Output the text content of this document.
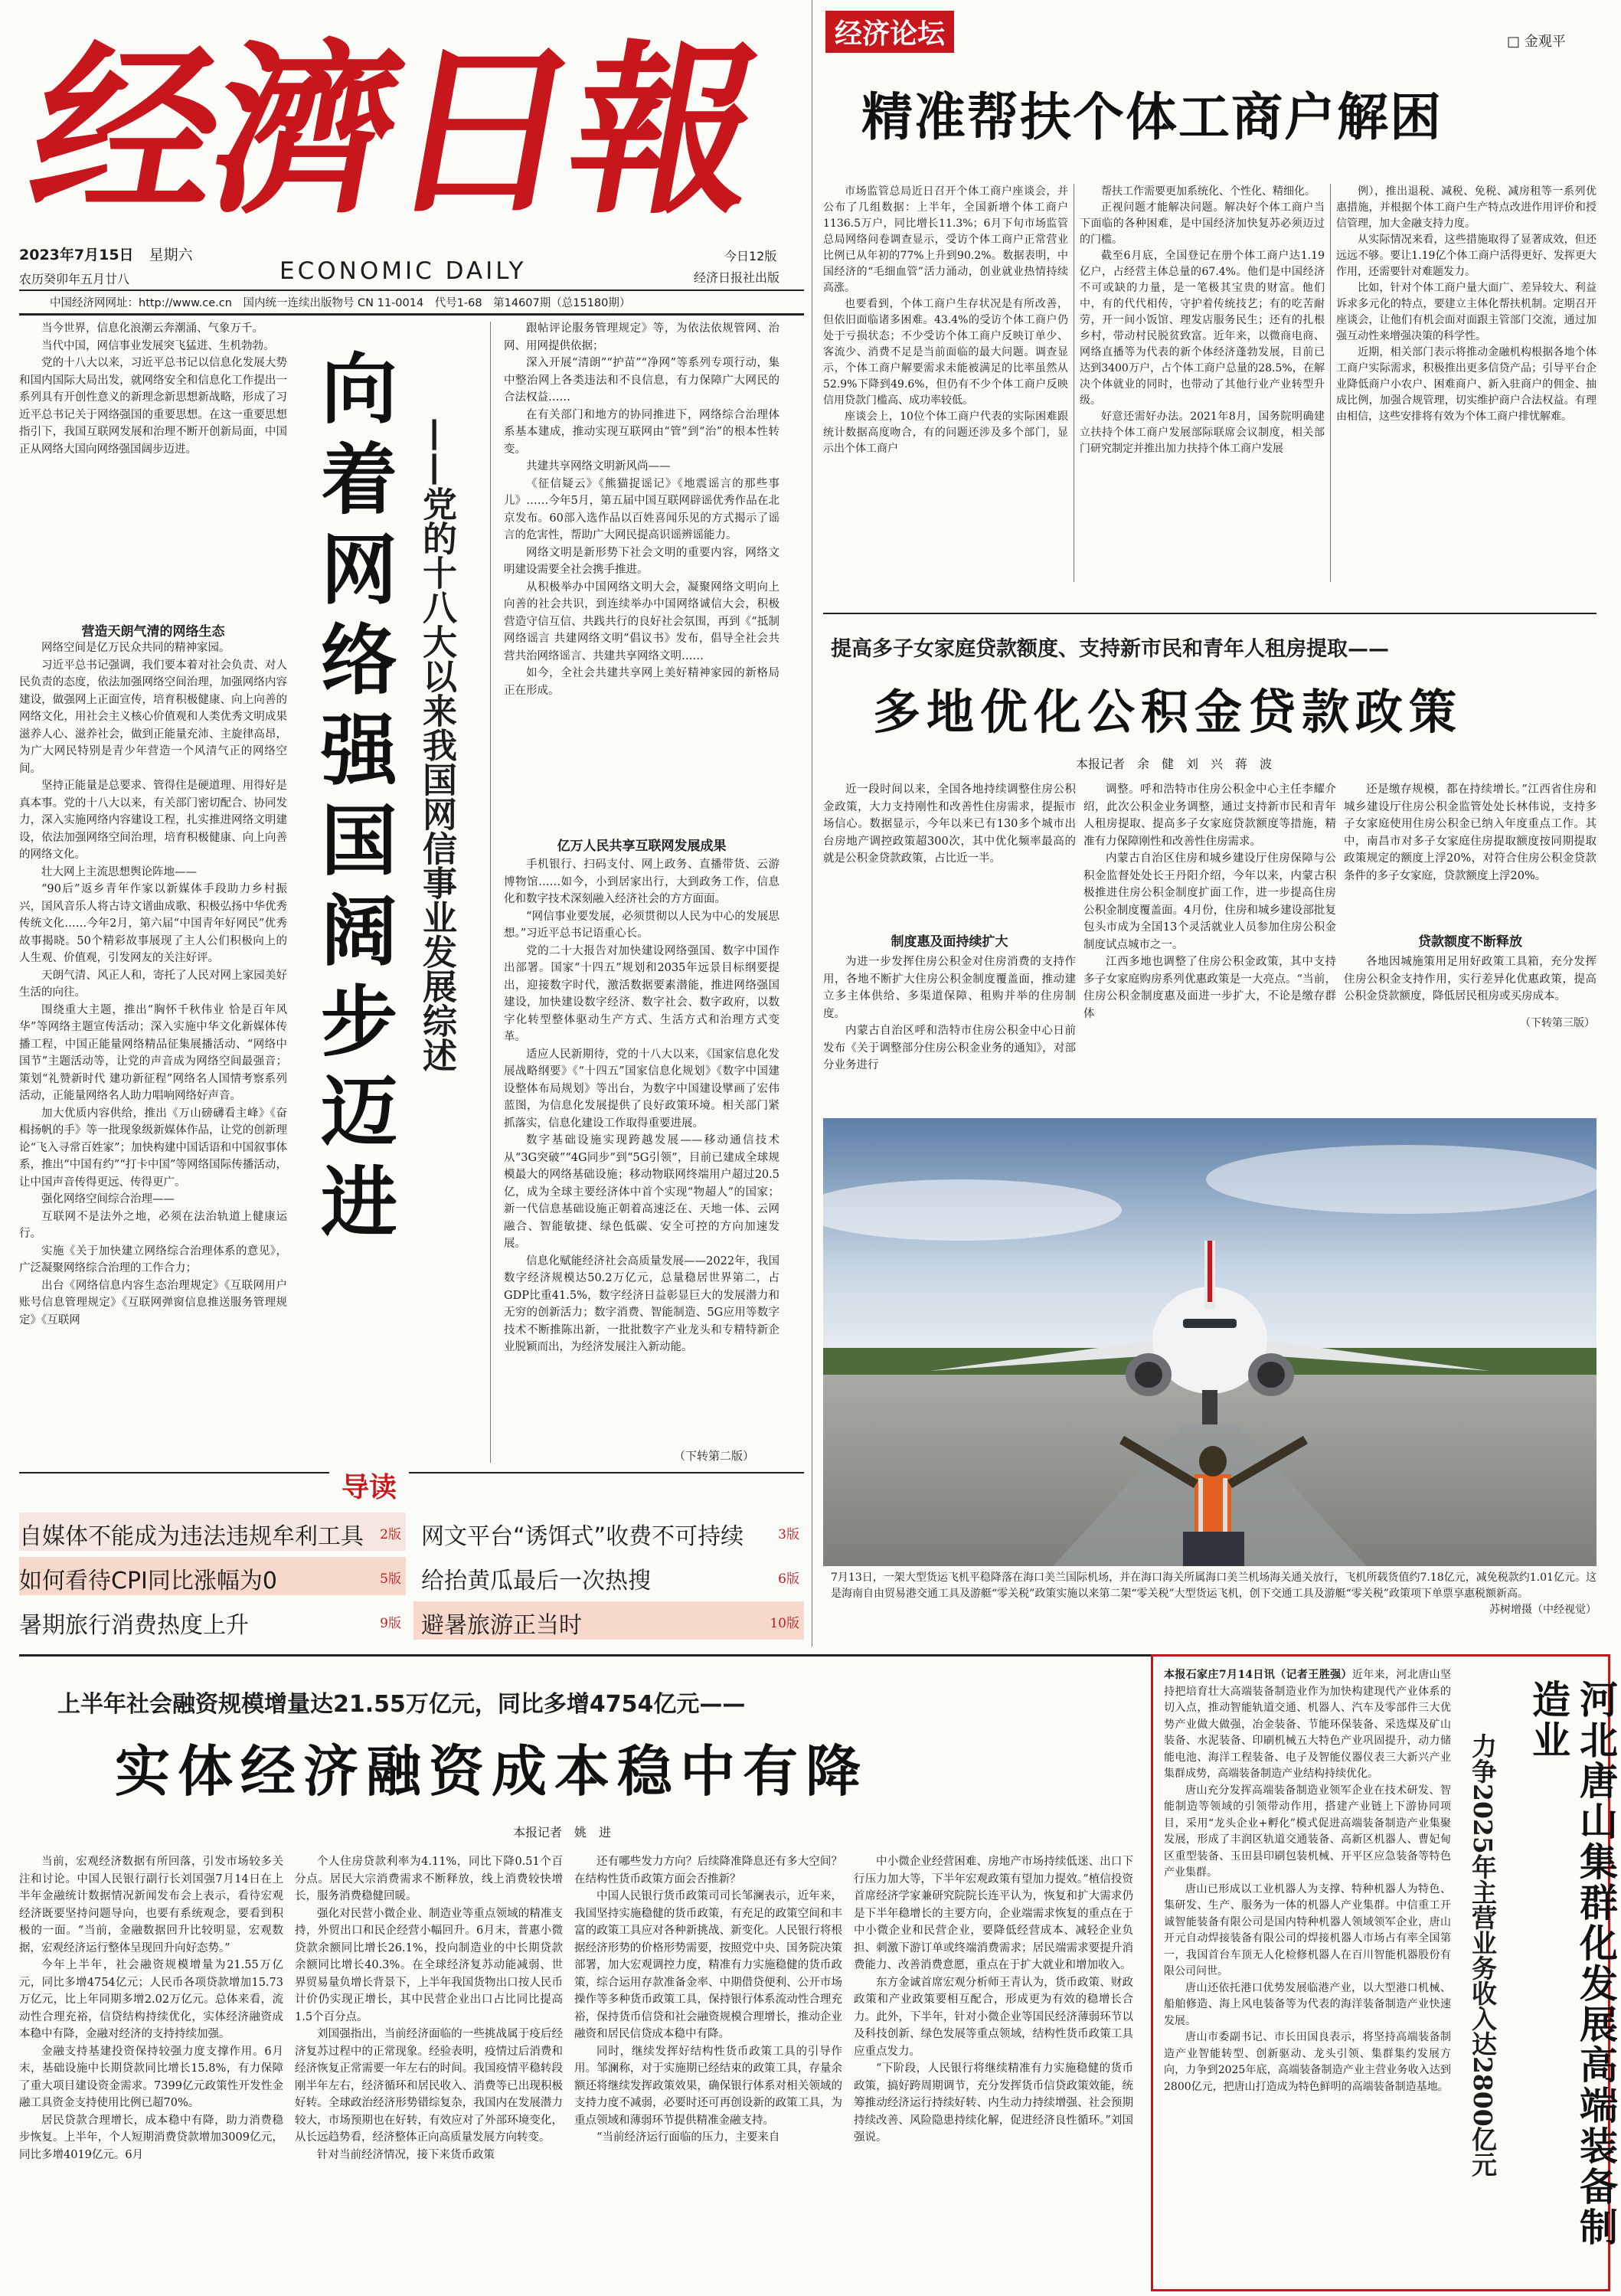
经濟日報
2023年7月15日 星期六
农历癸卯年五月廿八	ECONOMIC DAILY
今日12版
经济日报社出版
中国经济网网址：http://www.ce.cn　国内统一连续出版物号 CN 11-0014　代号1-68　第14607期（总15180期）
经济论坛	□ 金观平
精准帮扶个体工商户解困

市场监管总局近日召开个体工商户座谈会，并公布了几组数据：上半年，全国新增个体工商户1136.5万户，同比增长11.3%；6月下旬市场监管总局网络问卷调查显示，受访个体工商户正常营业比例已从年初的77%上升到90.2%。数据表明，中国经济的“毛细血管”活力涌动，创业就业热情持续高涨。

也要看到，个体工商户生存状况是有所改善，但依旧面临诸多困难。43.4%的受访个体工商户仍处于亏损状态；不少受访个体工商户反映订单少、客流少、消费不足是当前面临的最大问题。调查显示，个体工商户解要需求未能被满足的比率虽然从52.9%下降到49.6%，但仍有不少个体工商户反映信用贷款门槛高、成功率较低。

座谈会上，10位个体工商户代表的实际困难跟统计数据高度吻合，有的问题还涉及多个部门，显示出个体工商户

帮扶工作需要更加系统化、个性化、精细化。

正视问题才能解决问题。解决好个体工商户当下面临的各种困难，是中国经济加快复苏必须迈过的门槛。

截至6月底，全国登记在册个体工商户达1.19亿户，占经营主体总量的67.4%。他们是中国经济不可或缺的力量，是一笔极其宝贵的财富。他们中，有的代代相传，守护着传统技艺；有的吃苦耐劳，开一间小饭馆、理发店服务民生；还有的扎根乡村，带动村民脱贫致富。近年来，以微商电商、网络直播等为代表的新个体经济蓬勃发展，目前已达到3400万户，占个体工商户总量的28.5%，在解决个体就业的同时，也带动了其他行业产业转型升级。

好意还需好办法。2021年8月，国务院明确建立扶持个体工商户发展部际联席会议制度，相关部门研究制定并推出加力扶持个体工商户发展

例），推出退税、减税、免税、减房租等一系列优惠措施，并根据个体工商户生产特点改进作用评价和授信管理，加大金融支持力度。

从实际情况来看，这些措施取得了显著成效，但还远远不够。要让1.19亿个体工商户活得更好、发挥更大作用，还需要针对难题发力。

比如，针对个体工商户量大面广、差异较大、利益诉求多元化的特点，要建立主体化帮扶机制。定期召开座谈会，让他们有机会面对面跟主管部门交流，通过加强互动性来增强决策的科学性。

近期，相关部门表示将推动金融机构根据各地个体工商户实际需求，积极推出更多信贷产品；引导平台企业降低商户小农户、困难商户、新入驻商户的佣金、抽成比例，加强合规管理，切实维护商户合法权益。有理由相信，这些安排将有效为个体工商户排忧解难。

当今世界，信息化浪潮云奔潮涌、气象万千。

当代中国，网信事业发展突飞猛进、生机勃勃。

党的十八大以来，习近平总书记以信息化发展大势和国内国际大局出发，就网络安全和信息化工作提出一系列具有开创性意义的新理念新思想新战略，形成了习近平总书记关于网络强国的重要思想。在这一重要思想指引下，我国互联网发展和治理不断开创新局面，中国正从网络大国向网络强国阔步迈进。

营造天朗气清的网络生态

网络空间是亿万民众共同的精神家园。

习近平总书记强调，我们要本着对社会负责、对人民负责的态度，依法加强网络空间治理，加强网络内容建设，做强网上正面宣传，培育积极健康、向上向善的网络文化，用社会主义核心价值观和人类优秀文明成果滋养人心、滋养社会，做到正能量充沛、主旋律高昂，为广大网民特别是青少年营造一个风清气正的网络空间。

坚持正能量是总要求、管得住是硬道理、用得好是真本事。党的十八大以来，有关部门密切配合、协同发力，深入实施网络内容建设工程，扎实推进网络文明建设，依法加强网络空间治理，培育积极健康、向上向善的网络文化。

壮大网上主流思想舆论阵地——

“90后”返乡青年作家以新媒体手段助力乡村振兴，国风音乐人将古诗文谱曲成歌、积极弘扬中华优秀传统文化……今年2月，第六届“中国青年好网民”优秀故事揭晓。50个精彩故事展现了主人公们积极向上的人生观、价值观，引发网友的关注好评。

天朗气清、风正人和，寄托了人民对网上家园美好生活的向往。

围绕重大主题，推出“胸怀千秋伟业 恰是百年风华”等网络主题宣传活动；深入实施中华文化新媒体传播工程，中国正能量网络精品征集展播活动、“网络中国节”主题活动等，让党的声音成为网络空间最强音；策划“礼赞新时代 建功新征程”网络名人国情考察系列活动，正能量网络名人助力唱响网络好声音。

加大优质内容供给，推出《万山磅礴看主峰》《奋楫扬帆的手》等一批现象级新媒体作品，让党的创新理论“飞入寻常百姓家”；加快构建中国话语和中国叙事体系，推出“中国有约”“打卡中国”等网络国际传播活动，让中国声音传得更远、传得更广。

强化网络空间综合治理——

互联网不是法外之地，必须在法治轨道上健康运行。

实施《关于加快建立网络综合治理体系的意见》，广泛凝聚网络综合治理的工作合力；

出台《网络信息内容生态治理规定》《互联网用户账号信息管理规定》《互联网弹窗信息推送服务管理规定》《互联网

向着网络强国阔步迈进 ——党的十八大以来我国网信事业发展综述

跟帖评论服务管理规定》等，为依法依规管网、治网、用网提供依据；

深入开展“清朗”“护苗”“净网”等系列专项行动，集中整治网上各类违法和不良信息，有力保障广大网民的合法权益……

在有关部门和地方的协同推进下，网络综合治理体系基本建成，推动实现互联网由“管”到“治”的根本性转变。

共建共享网络文明新风尚——

《征信疑云》《熊猫捉谣记》《地震谣言的那些事儿》……今年5月，第五届中国互联网辟谣优秀作品在北京发布。60部入选作品以百姓喜闻乐见的方式揭示了谣言的危害性，帮助广大网民提高识谣辨谣能力。

网络文明是新形势下社会文明的重要内容，网络文明建设需要全社会携手推进。

从积极举办中国网络文明大会，凝聚网络文明向上向善的社会共识，到连续举办中国网络诚信大会，积极营造守信互信、共践共行的良好社会氛围，再到《“抵制网络谣言 共建网络文明”倡议书》发布，倡导全社会共营共治网络谣言、共建共享网络文明……

如今，全社会共建共享网上美好精神家园的新格局正在形成。

亿万人民共享互联网发展成果

手机银行、扫码支付、网上政务、直播带货、云游博物馆……如今，小到居家出行，大到政务工作，信息化和数字技术深刻融入经济社会的方方面面。

“网信事业要发展，必须贯彻以人民为中心的发展思想。”习近平总书记语重心长。

党的二十大报告对加快建设网络强国、数字中国作出部署。国家“十四五”规划和2035年远景目标纲要提出，迎接数字时代，激活数据要素潜能，推进网络强国建设，加快建设数字经济、数字社会、数字政府，以数字化转型整体驱动生产方式、生活方式和治理方式变革。

适应人民新期待，党的十八大以来，《国家信息化发展战略纲要》《“十四五”国家信息化规划》《数字中国建设整体布局规划》等出台，为数字中国建设擘画了宏伟蓝图，为信息化发展提供了良好政策环境。相关部门紧抓落实，信息化建设工作取得重要进展。

数字基础设施实现跨越发展——移动通信技术从“3G突破”“4G同步”到“5G引领”，目前已建成全球规模最大的网络基础设施；移动物联网终端用户超过20.5亿，成为全球主要经济体中首个实现“物超人”的国家；新一代信息基础设施正朝着高速泛在、天地一体、云网融合、智能敏捷、绿色低碳、安全可控的方向加速发展。

信息化赋能经济社会高质量发展——2022年，我国数字经济规模达50.2万亿元，总量稳居世界第二，占GDP比重41.5%，数字经济日益彰显巨大的发展潜力和无穷的创新活力；数字消费、智能制造、5G应用等数字技术不断推陈出新，一批批数字产业龙头和专精特新企业脱颖而出，为经济发展注入新动能。

（下转第二版）
导读
自媒体不能成为违法违规牟利工具 2版 网文平台“诱饵式”收费不可持续	3版
如何看待CPI同比涨幅为0	5版 给抬黄瓜最后一次热搜	6版
暑期旅行消费热度上升	9版 避暑旅游正当时	10版
提高多子女家庭贷款额度、支持新市民和青年人租房提取——
多地优化公积金贷款政策
本报记者　余　健　刘　兴　蒋　波

近一段时间以来，全国各地持续调整住房公积金政策，大力支持刚性和改善性住房需求，提振市场信心。数据显示，今年以来已有130多个城市出台房地产调控政策超300次，其中优化频率最高的就是公积金贷款政策，占比近一半。

制度惠及面持续扩大

为进一步发挥住房公积金对住房消费的支持作用，各地不断扩大住房公积金制度覆盖面，推动建立多主体供给、多渠道保障、租购并举的住房制度。

内蒙古自治区呼和浩特市住房公积金中心日前发布《关于调整部分住房公积金业务的通知》，对部分业务进行

调整。呼和浩特市住房公积金中心主任李耀介绍，此次公积金业务调整，通过支持新市民和青年人租房提取、提高多子女家庭贷款额度等措施，精准有力保障刚性和改善性住房需求。

内蒙古自治区住房和城乡建设厅住房保障与公积金监督处处长王丹阳介绍，今年以来，内蒙古积极推进住房公积金制度扩面工作，进一步提高住房公积金制度覆盖面。4月份，住房和城乡建设部批复包头市成为全国13个灵活就业人员参加住房公积金制度试点城市之一。

江西多地也调整了住房公积金政策，其中支持多子女家庭购房系列优惠政策是一大亮点。“当前，住房公积金制度惠及面进一步扩大，不论是缴存群体

还是缴存规模，都在持续增长。”江西省住房和城乡建设厅住房公积金监管处处长林伟说，支持多子女家庭使用住房公积金已纳入年度重点工作。其中，南昌市对多子女家庭住房提取额度按同期提取政策规定的额度上浮20%，对符合住房公积金贷款条件的多子女家庭，贷款额度上浮20%。

贷款额度不断释放

各地因城施策用足用好政策工具箱，充分发挥住房公积金支持作用，实行差异化优惠政策，提高公积金贷款额度，降低居民租房或买房成本。

（下转第三版）
7月13日，一架大型货运飞机平稳降落在海口美兰国际机场，并在海口海关所属海口美兰机场海关通关放行，飞机所载货值约7.18亿元，减免税款约1.01亿元。这是海南自由贸易港交通工具及游艇“零关税”政策实施以来第二架“零关税”大型货运飞机，创下交通工具及游艇“零关税”政策项下单票享惠税额新高。
苏树增摄（中经视觉）
上半年社会融资规模增量达21.55万亿元，同比多增4754亿元——
实体经济融资成本稳中有降
本报记者　姚　进

当前，宏观经济数据有所回落，引发市场较多关注和讨论。中国人民银行副行长刘国强7月14日在上半年金融统计数据情况新闻发布会上表示，看待宏观经济既要坚持问题导向，也要有系统观念，要看到积极的一面。“当前，金融数据回升比较明显，宏观数据，宏观经济运行整体呈现回升向好态势。”

今年上半年，社会融资规模增量为21.55万亿元，同比多增4754亿元；人民币各项贷款增加15.73万亿元，比上年同期多增2.02万亿元。总体来看，流动性合理充裕，信贷结构持续优化，实体经济融资成本稳中有降，金融对经济的支持持续加强。

金融支持基建投资保持较强力度支撑作用。6月末，基础设施中长期贷款同比增长15.8%，有力保障了重大项目建设资金需求。7399亿元政策性开发性金融工具资金支持使用比例已超70%。

居民贷款合理增长，成本稳中有降，助力消费稳步恢复。上半年，个人短期消费贷款增加3009亿元，同比多增4019亿元。6月

个人住房贷款利率为4.11%，同比下降0.51个百分点。居民大宗消费需求不断释放，线上消费较快增长，服务消费稳健回暖。

强化对民营小微企业、制造业等重点领域的精准支持，外贸出口和民企经营小幅回升。6月末，普惠小微贷款余额同比增长26.1%，投向制造业的中长期贷款余额同比增长40.3%。在全球经济复苏动能减弱、世界贸易量负增长背景下，上半年我国货物出口按人民币计价仍实现正增长，其中民营企业出口占比同比提高1.5个百分点。

刘国强指出，当前经济面临的一些挑战属于疫后经济复苏过程中的正常现象。经验表明，疫情过后消费和经济恢复正常需要一年左右的时间。我国疫情平稳转段刚半年左右，经济循环和居民收入、消费等已出现积极好转。全球政治经济形势错综复杂，我国内在发展潜力较大，市场预期也在好转，有效应对了外部环境变化，从长远趋势看，经济整体正向高质量发展方向转变。

针对当前经济情况，接下来货币政策

还有哪些发力方向？后续降准降息还有多大空间？在结构性货币政策方面会否推新？

中国人民银行货币政策司司长邹澜表示，近年来，我国坚持实施稳健的货币政策，有充足的政策空间和丰富的政策工具应对各种新挑战、新变化。人民银行将根据经济形势的价格形势需要，按照党中央、国务院决策部署，加大宏观调控力度，精准有力实施稳健的货币政策，综合运用存款准备金率、中期借贷便利、公开市场操作等多种货币政策工具，保持银行体系流动性合理充裕，保持货币信贷和社会融资规模合理增长，推动企业融资和居民信贷成本稳中有降。

同时，继续发挥好结构性货币政策工具的引导作用。邹澜称，对于实施期已经结束的政策工具，存量余额还将继续发挥政策效果，确保银行体系对相关领域的支持力度不减弱，必要时还可再创设新的政策工具，为重点领域和薄弱环节提供精准金融支持。

“当前经济运行面临的压力，主要来自

中小微企业经营困难、房地产市场持续低迷、出口下行压力加大等，下半年宏观政策有望加力提效。”植信投资首席经济学家兼研究院院长连平认为，恢复和扩大需求仍是下半年稳增长的主要方向，企业端需求恢复的重点在于中小微企业和民营企业，要降低经营成本、减轻企业负担、刺激下游订单或终端消费需求；居民端需求要提升消费能力、改善消费意愿，重点在于扩大就业和增加收入。

东方金诚首席宏观分析师王青认为，货币政策、财政政策和产业政策要相互配合，形成更为有效的稳增长合力。此外，下半年，针对小微企业等国民经济薄弱环节以及科技创新、绿色发展等重点领域，结构性货币政策工具应重点发力。

“下阶段，人民银行将继续精准有力实施稳健的货币政策，搞好跨周期调节，充分发挥货币信贷政策效能，统筹推动经济运行持续好转、内生动力持续增强、社会预期持续改善、风险隐患持续化解，促进经济良性循环。”刘国强说。

本报石家庄7月14日讯（记者王胜强）近年来，河北唐山坚持把培育壮大高端装备制造业作为加快构建现代产业体系的切入点，推动智能轨道交通、机器人、汽车及零部件三大优势产业做大做强，冶金装备、节能环保装备、采选煤及矿山装备、水泥装备、印刷机械五大特色产业巩固提升，动力储能电池、海洋工程装备、电子及智能仪器仪表三大新兴产业集群成势，高端装备制造产业结构持续优化。

唐山充分发挥高端装备制造业领军企业在技术研发、智能制造等领域的引领带动作用，搭建产业链上下游协同项目，采用“龙头企业+孵化”模式促进高端装备制造产业集聚发展，形成了丰润区轨道交通装备、高新区机器人、曹妃甸区重型装备、玉田县印刷包装机械、开平区应急装备等特色产业集群。

唐山已形成以工业机器人为支撑、特种机器人为特色、集研发、生产、服务为一体的机器人产业集群。中信重工开诚智能装备有限公司是国内特种机器人领域领军企业，唐山开元自动焊接装备有限公司的焊接机器人市场占有率全国第一，我国首台车顶无人化检修机器人在百川智能机器股份有限公司问世。

唐山还依托港口优势发展临港产业，以大型港口机械、船舶修造、海上风电装备等为代表的海洋装备制造产业快速发展。

唐山市委副书记、市长田国良表示，将坚持高端装备制造产业智能转型、创新驱动、龙头引领、集群集约发展方向，力争到2025年底，高端装备制造产业主营业务收入达到2800亿元，把唐山打造成为特色鲜明的高端装备制造基地。	河北唐山集群化发展高端装备制造业
力争2025年主营业务收入达2800亿元
